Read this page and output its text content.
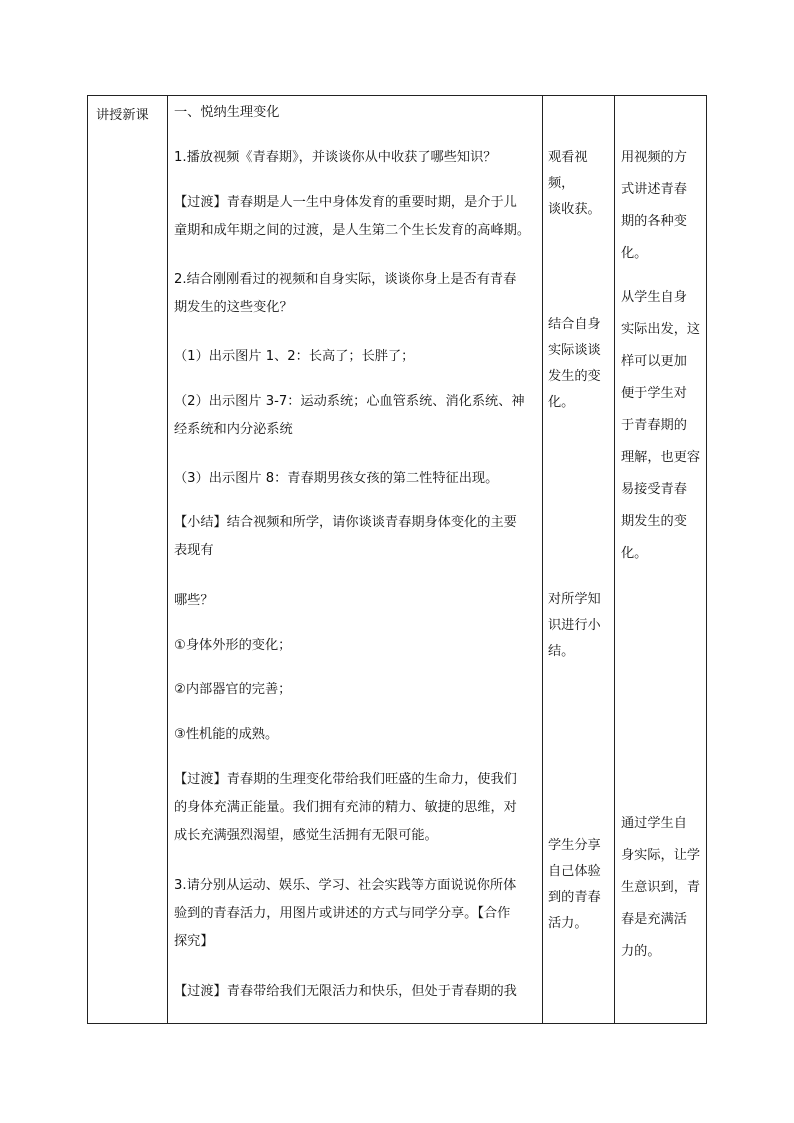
讲授新课 一、悦纳生理变化
1.播放视频《青春期》，并谈谈你从中收获了哪些知识？
【过渡】青春期是人一生中身体发育的重要时期，是介于儿
童期和成年期之间的过渡，是人生第二个生长发育的高峰期。
2.结合刚刚看过的视频和自身实际，谈谈你身上是否有青春
期发生的这些变化？
（1）出示图片 1、2：长高了；长胖了；
（2）出示图片 3-7：运动系统；心血管系统、消化系统、神
经系统和内分泌系统
（3）出示图片 8：青春期男孩女孩的第二性特征出现。
【小结】结合视频和所学，请你谈谈青春期身体变化的主要
表现有
哪些？
①身体外形的变化；
②内部器官的完善；
③性机能的成熟。
【过渡】青春期的生理变化带给我们旺盛的生命力，使我们
的身体充满正能量。我们拥有充沛的精力、敏捷的思维，对
成长充满强烈渴望，感觉生活拥有无限可能。
3.请分别从运动、娱乐、学习、社会实践等方面说说你所体
验到的青春活力，用图片或讲述的方式与同学分享。【合作
探究】
【过渡】青春带给我们无限活力和快乐，但处于青春期的我
观看视频，
谈收获。
结合自身
实际谈谈
发生的变
化。
对所学知
识进行小
结。
学生分享
自己体验
到的青春
活力。
用视频的方
式讲述青春
期的各种变
化。
从学生自身
实际出发，这
样可以更加
便于学生对
于青春期的
理解，也更容
易接受青春
期发生的变
化。
通过学生自
身实际，让学
生意识到，青
春是充满活
力的。
